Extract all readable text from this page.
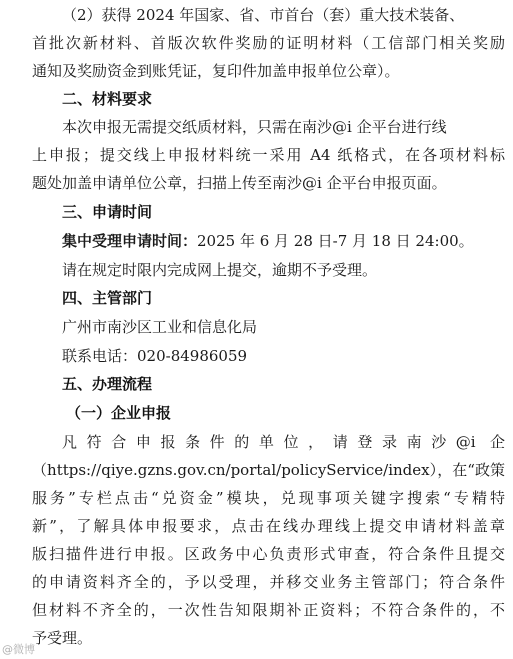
（2）获得 2024 年国家、省、市首台（套）重大技术装备、
首批次新材料、首版次软件奖励的证明材料（工信部门相关奖励
通知及奖励资金到账凭证，复印件加盖申报单位公章）。
二、材料要求
本次申报无需提交纸质材料，只需在南沙@i 企平台进行线
上申报；提交线上申报材料统一采用 A4 纸格式，在各项材料标
题处加盖申请单位公章，扫描上传至南沙@i 企平台申报页面。
三、申请时间
集中受理申请时间：2025 年 6 月 28 日-7 月 18 日 24:00。
请在规定时限内完成网上提交，逾期不予受理。
四、主管部门
广州市南沙区工业和信息化局
联系电话：020-84986059
五、办理流程
（一）企业申报
凡符合申报条件的单位，请登录南沙@i 企
（https://qiye.gzns.gov.cn/portal/policyService/index），在“政策
服务”专栏点击“兑资金”模块，兑现事项关键字搜索“专精特
新”，了解具体申报要求，点击在线办理线上提交申请材料盖章
版扫描件进行申报。区政务中心负责形式审查，符合条件且提交
的申请资料齐全的，予以受理，并移交业务主管部门；符合条件
但材料不齐全的，一次性告知限期补正资料；不符合条件的，不
予受理。
@微博
